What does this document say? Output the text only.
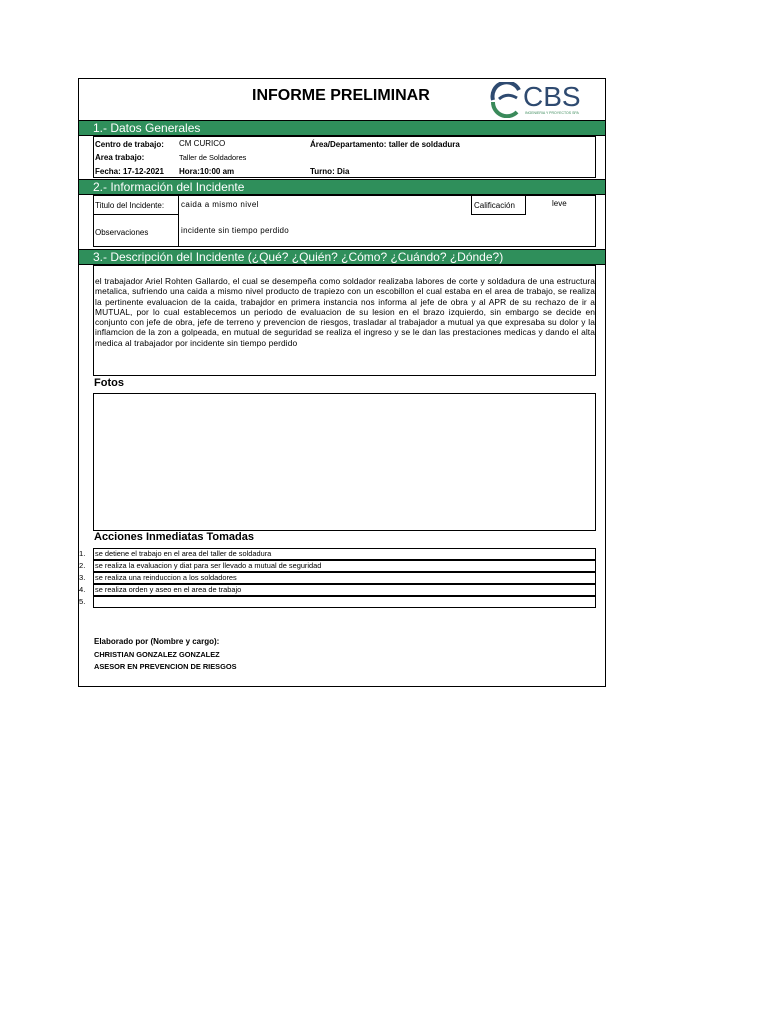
INFORME PRELIMINAR	CBS
INGENIERIA Y PROYECTOS SPA
1.- Datos Generales
Centro de trabajo: CM CURICO	Área/Departamento: taller de soldadura
Area trabajo:	Taller de Soldadores
Fecha: 17-12-2021 Hora:10:00 am	Turno: Dia
2.- Información del Incidente
Titulo del Incidente: caida a mismo nivel	Calificación	leve
Observaciones	incidente sin tiempo perdido
3.- Descripción del Incidente (¿Qué? ¿Quién? ¿Cómo? ¿Cuándo? ¿Dónde?)
el trabajador Ariel Rohten Gallardo, el cual se desempeña como soldador realizaba labores de corte y soldadura de una estructura metalica, sufriendo una caida a mismo nivel producto de trapiezo con un escobillon el cual estaba en el area de trabajo, se realiza la pertinente evaluacion de la caida, trabajdor en primera instancia nos informa al jefe de obra y al APR de su rechazo de ir a MUTUAL, por lo cual establecemos un periodo de evaluacion de su lesion en el brazo izquierdo, sin embargo se decide en conjunto con jefe de obra, jefe de terreno y prevencion de riesgos, trasladar al trabajador a mutual ya que expresaba su dolor y la inflamcion de la zon a golpeada, en mutual de seguridad se realiza el ingreso y se le dan las prestaciones medicas y dando el alta medica al trabajador por incidente sin tiempo perdido
Fotos
Acciones Inmediatas Tomadas
1. se detiene el trabajo en el area del taller de soldadura
2. se realiza la evaluacion y diat para ser llevado a mutual de seguridad
3. se realiza una reinduccion a los soldadores
4. se realiza orden y aseo en el area de trabajo
5.
Elaborado por (Nombre y cargo):
CHRISTIAN GONZALEZ GONZALEZ
ASESOR EN PREVENCION DE RIESGOS
